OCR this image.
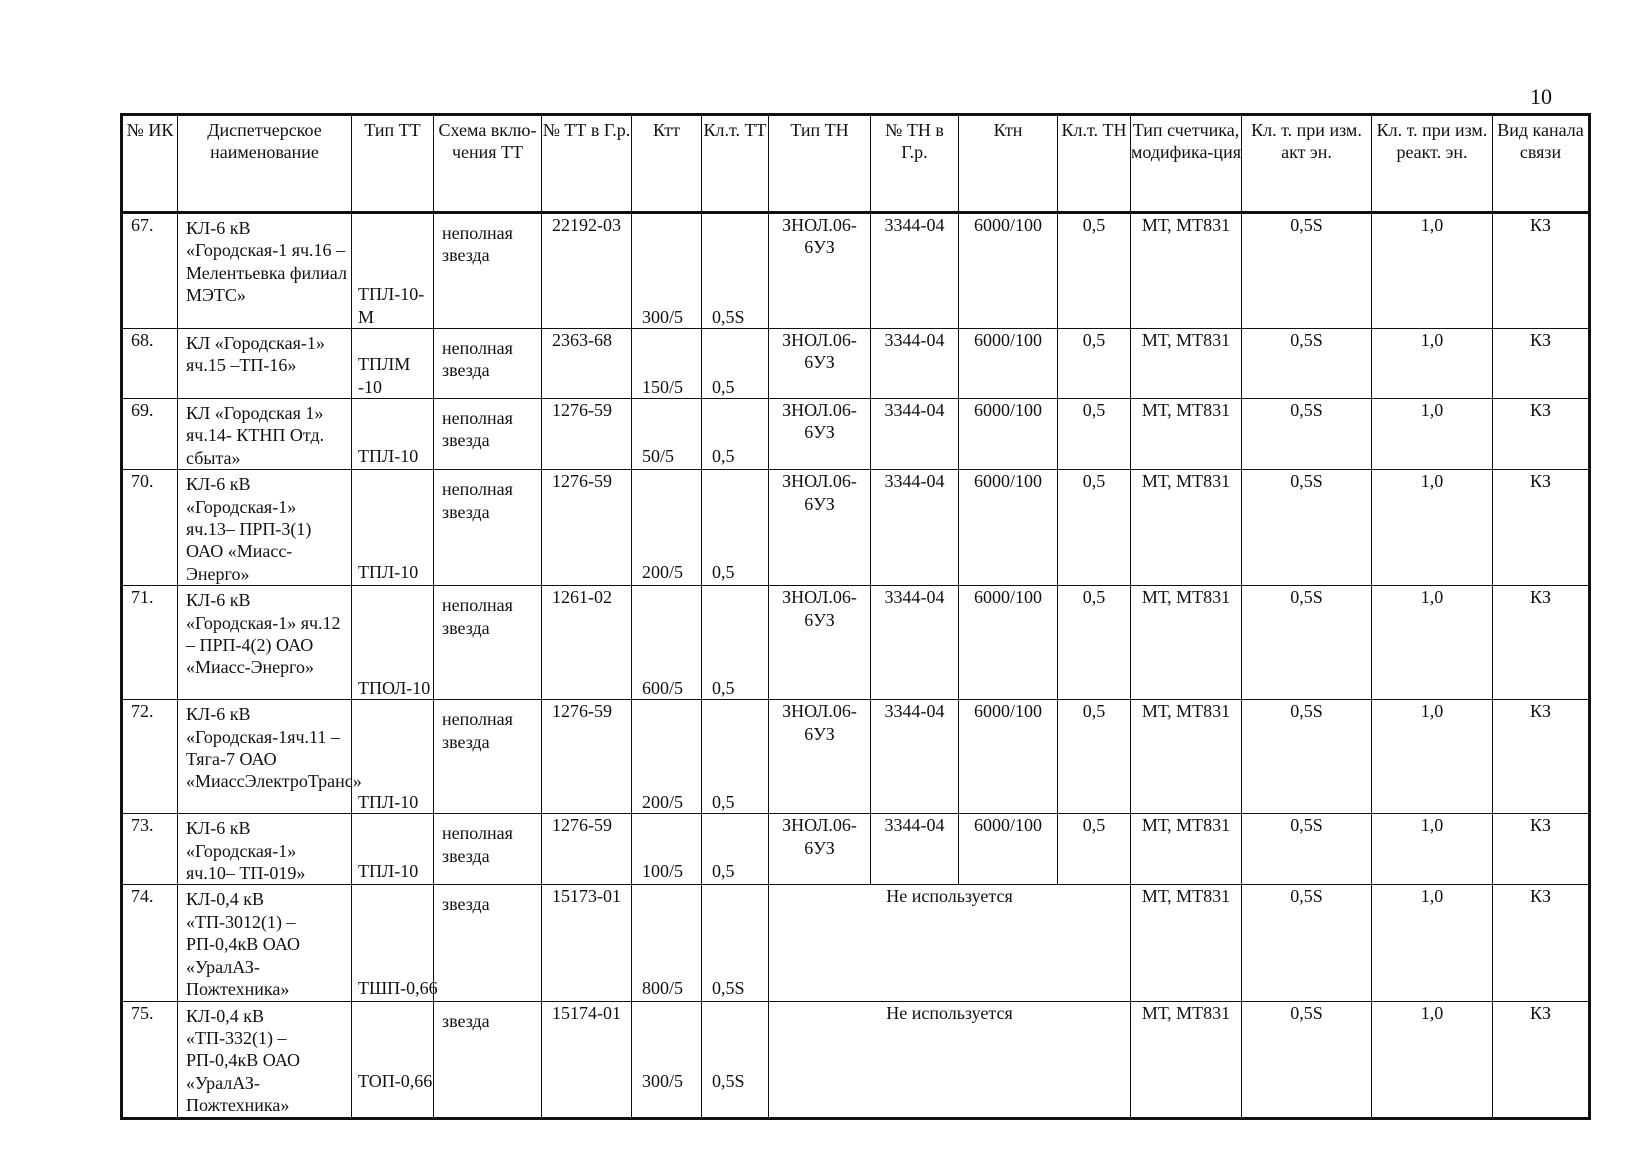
10
№ ИК	Диспетчерское наименование	Тип ТТ	Схема вклю-чения ТТ	№ ТТ в Г.р.	Ктт	Кл.т. ТТ	Тип ТН	№ ТН в Г.р.	Ктн	Кл.т. ТН	Тип счетчика, модифика-ция	Кл. т. при изм. акт эн.	Кл. т. при изм. реакт. эн.	Вид канала связи
67.	КЛ-6 кВ «Городская-1 яч.16 – Мелентьевка филиал МЭТС»	ТПЛ-10-М	неполная звезда	22192-03	300/5	0,5S	ЗНОЛ.06-6УЗ	3344-04	6000/100	0,5	МТ, МТ831	0,5S	1,0	КЗ
68.	КЛ «Городская-1» яч.15 –ТП-16»	ТПЛМ -10	неполная звезда	2363-68	150/5	0,5	ЗНОЛ.06-6УЗ	3344-04	6000/100	0,5	МТ, МТ831	0,5S	1,0	КЗ
69.	КЛ «Городская 1» яч.14- КТНП Отд. сбыта»	ТПЛ-10	неполная звезда	1276-59	50/5	0,5	ЗНОЛ.06-6УЗ	3344-04	6000/100	0,5	МТ, МТ831	0,5S	1,0	КЗ
70.	КЛ-6 кВ «Городская-1» яч.13– ПРП-3(1) ОАО «Миасс-Энерго»	ТПЛ-10	неполная звезда	1276-59	200/5	0,5	ЗНОЛ.06-6УЗ	3344-04	6000/100	0,5	МТ, МТ831	0,5S	1,0	КЗ
71.	КЛ-6 кВ «Городская-1» яч.12 – ПРП-4(2) ОАО «Миасс-Энерго»	ТПОЛ-10	неполная звезда	1261-02	600/5	0,5	ЗНОЛ.06-6УЗ	3344-04	6000/100	0,5	МТ, МТ831	0,5S	1,0	КЗ
72.	КЛ-6 кВ «Городская-1яч.11 –Тяга-7 ОАО «МиассЭлектроТранс»	ТПЛ-10	неполная звезда	1276-59	200/5	0,5	ЗНОЛ.06-6УЗ	3344-04	6000/100	0,5	МТ, МТ831	0,5S	1,0	КЗ
73.	КЛ-6 кВ «Городская-1» яч.10– ТП-019»	ТПЛ-10	неполная звезда	1276-59	100/5	0,5	ЗНОЛ.06-6УЗ	3344-04	6000/100	0,5	МТ, МТ831	0,5S	1,0	КЗ
74.	КЛ-0,4 кВ «ТП-3012(1) – РП-0,4кВ ОАО «УралАЗ-Пожтехника»	ТШП-0,66	звезда	15173-01	800/5	0,5S	Не используется				МТ, МТ831	0,5S	1,0	КЗ
75.	КЛ-0,4 кВ «ТП-332(1) – РП-0,4кВ ОАО «УралАЗ-Пожтехника»	ТОП-0,66	звезда	15174-01	300/5	0,5S	Не используется				МТ, МТ831	0,5S	1,0	КЗ
